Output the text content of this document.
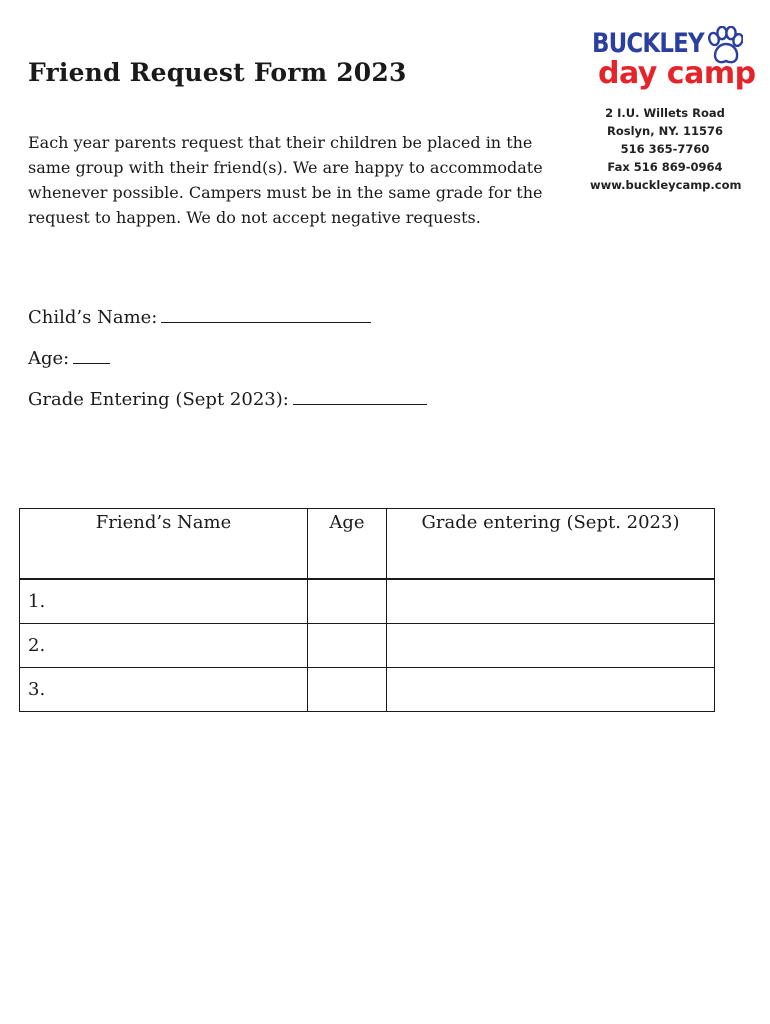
Friend Request Form 2023
Each year parents request that their children be placed in the same group with their friend(s). We are happy to accommodate whenever possible. Campers must be in the same grade for the request to happen. We do not accept negative requests.
BUCKLEY
day camp
2 I.U. Willets Road
Roslyn, NY. 11576
516 365-7760
Fax 516 869-0964
www.buckleycamp.com
Child’s Name:
Age:
Grade Entering (Sept 2023):
Friend’s Name	Age	Grade entering (Sept. 2023)
1.		
2.		
3.		
